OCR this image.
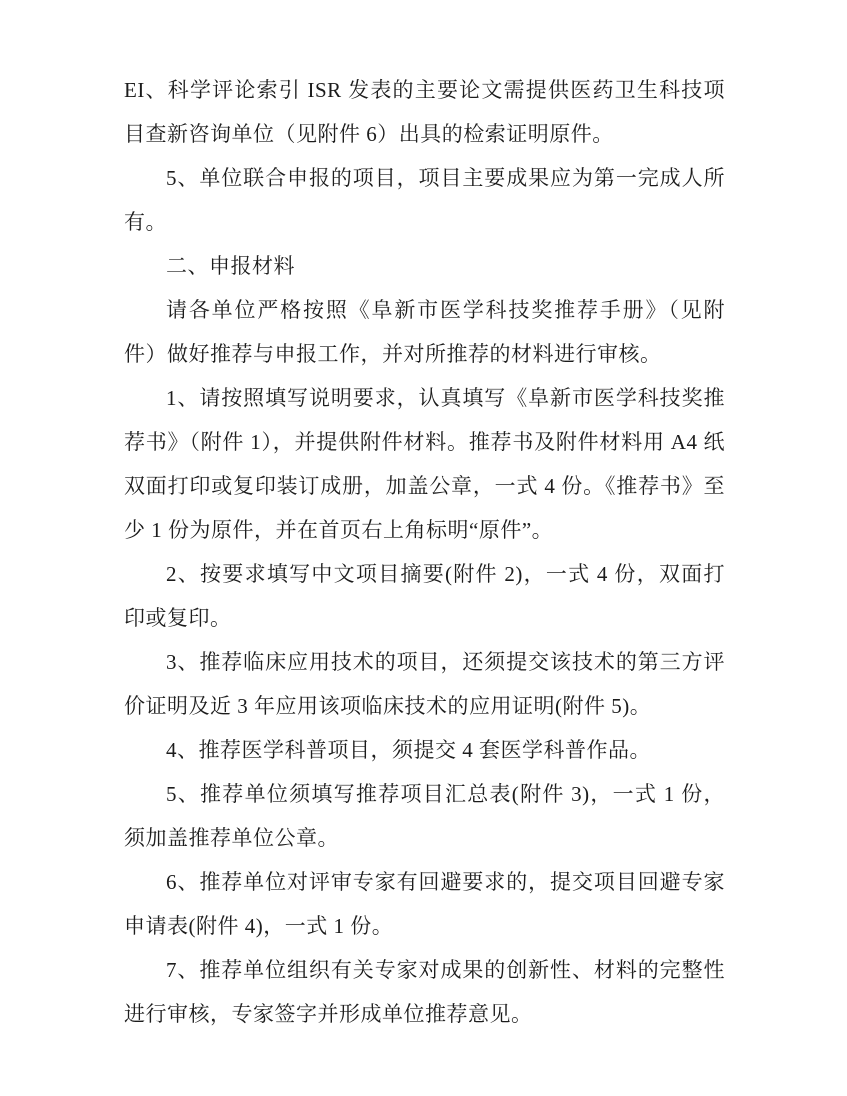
EI、科学评论索引 ISR 发表的主要论文需提供医药卫生科技项目查新咨询单位（见附件 6）出具的检索证明原件。

5、单位联合申报的项目，项目主要成果应为第一完成人所有。

二、申报材料

请各单位严格按照《阜新市医学科技奖推荐手册》（见附件）做好推荐与申报工作，并对所推荐的材料进行审核。

1、请按照填写说明要求，认真填写《阜新市医学科技奖推荐书》（附件 1），并提供附件材料。推荐书及附件材料用 A4 纸双面打印或复印装订成册，加盖公章，一式 4 份。《推荐书》至少 1 份为原件，并在首页右上角标明“原件”。

2、按要求填写中文项目摘要(附件 2)，一式 4 份，双面打印或复印。

3、推荐临床应用技术的项目，还须提交该技术的第三方评价证明及近 3 年应用该项临床技术的应用证明(附件 5)。

4、推荐医学科普项目，须提交 4 套医学科普作品。

5、推荐单位须填写推荐项目汇总表(附件 3)，一式 1 份，须加盖推荐单位公章。

6、推荐单位对评审专家有回避要求的，提交项目回避专家申请表(附件 4)，一式 1 份。

7、推荐单位组织有关专家对成果的创新性、材料的完整性进行审核，专家签字并形成单位推荐意见。
